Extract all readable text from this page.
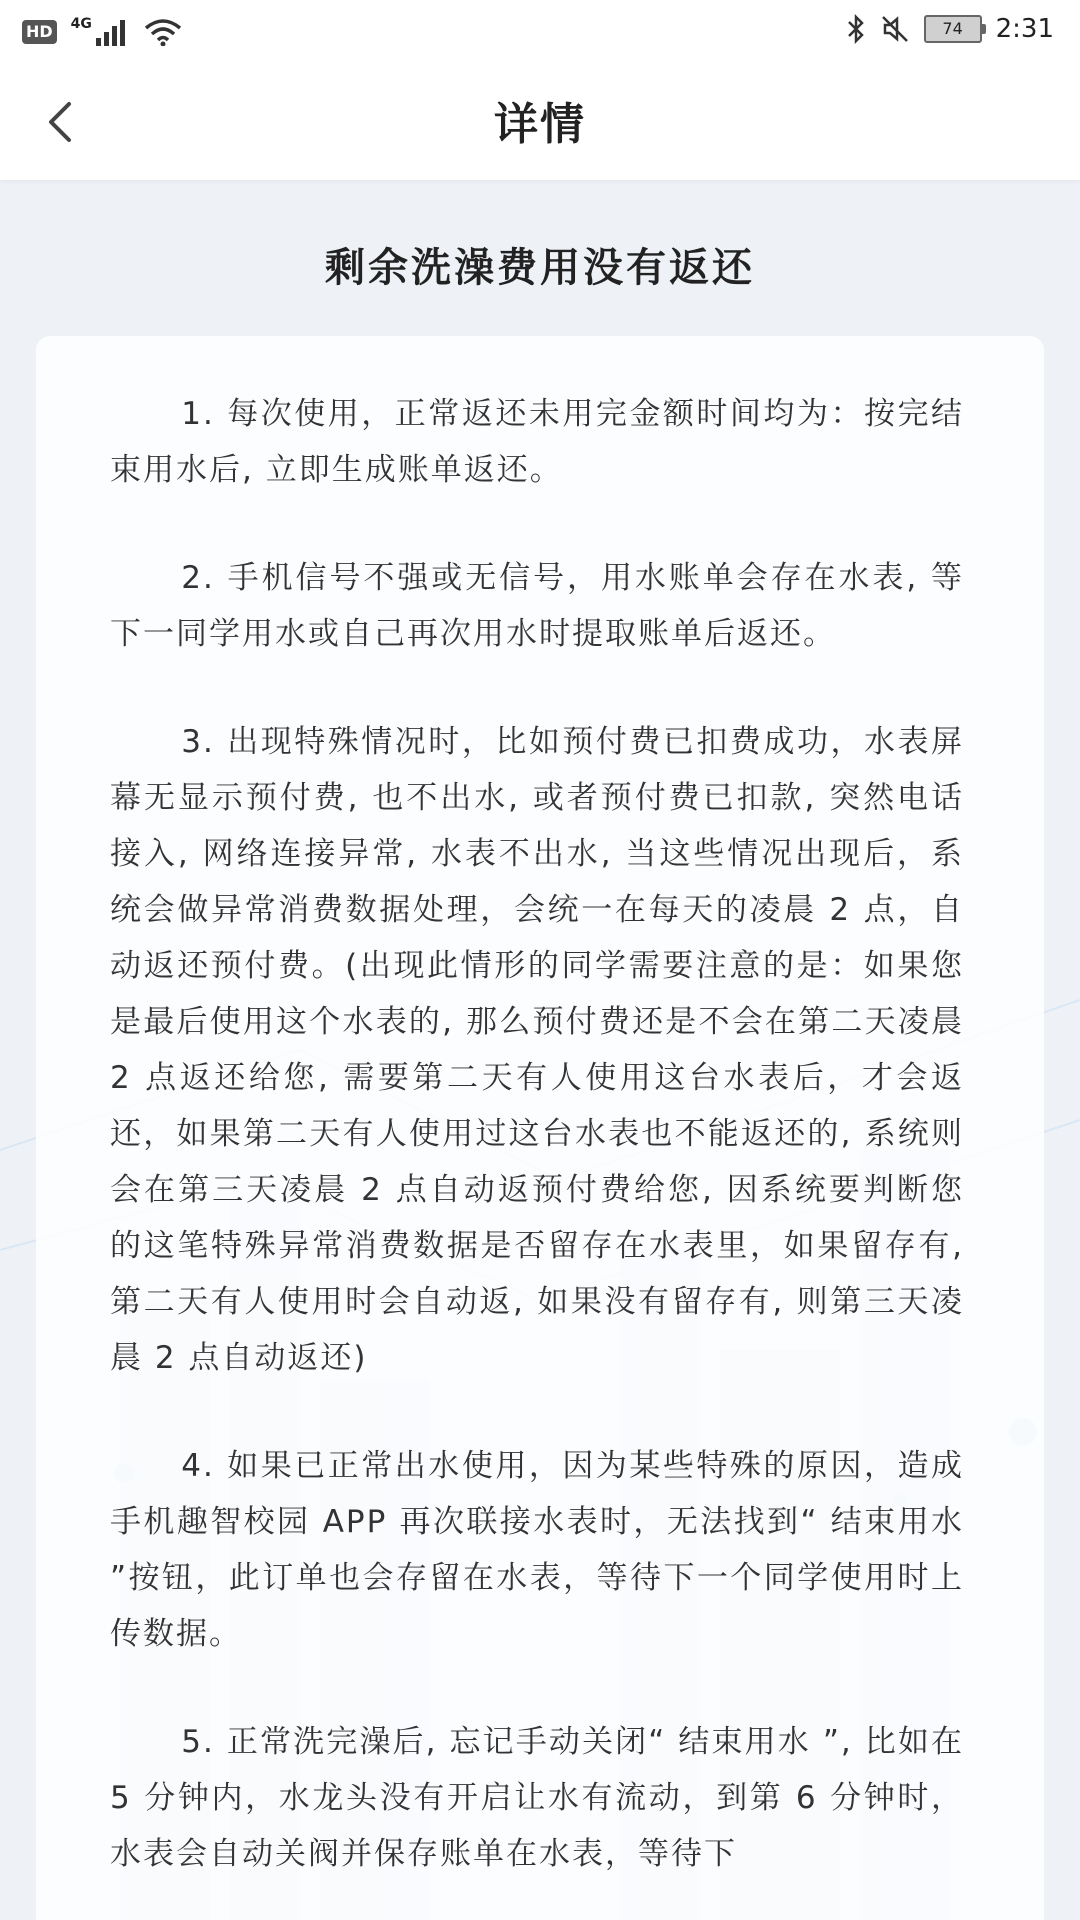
HD 4G	74	2:31
详情
剩余洗澡费用没有返还

1. 每次使用，正常返还未用完金额时间均为：按完结束用水后, 立即生成账单返还。

2. 手机信号不强或无信号，用水账单会存在水表, 等下一同学用水或自己再次用水时提取账单后返还。

3. 出现特殊情况时，比如预付费已扣费成功，水表屏幕无显示预付费, 也不出水, 或者预付费已扣款, 突然电话接入, 网络连接异常, 水表不出水, 当这些情况出现后，系统会做异常消费数据处理，会统一在每天的凌晨 2 点，自动返还预付费。(出现此情形的同学需要注意的是：如果您是最后使用这个水表的, 那么预付费还是不会在第二天凌晨 2 点返还给您, 需要第二天有人使用这台水表后，才会返还，如果第二天有人使用过这台水表也不能返还的, 系统则会在第三天凌晨 2 点自动返预付费给您, 因系统要判断您的这笔特殊异常消费数据是否留存在水表里，如果留存有, 第二天有人使用时会自动返, 如果没有留存有, 则第三天凌晨 2 点自动返还)

4. 如果已正常出水使用，因为某些特殊的原因，造成手机趣智校园 APP 再次联接水表时，无法找到“ 结束用水 ”按钮，此订单也会存留在水表，等待下一个同学使用时上传数据。

5. 正常洗完澡后, 忘记手动关闭“ 结束用水 ”, 比如在 5 分钟内，水龙头没有开启让水有流动，到第 6 分钟时，水表会自动关阀并保存账单在水表，等待下
